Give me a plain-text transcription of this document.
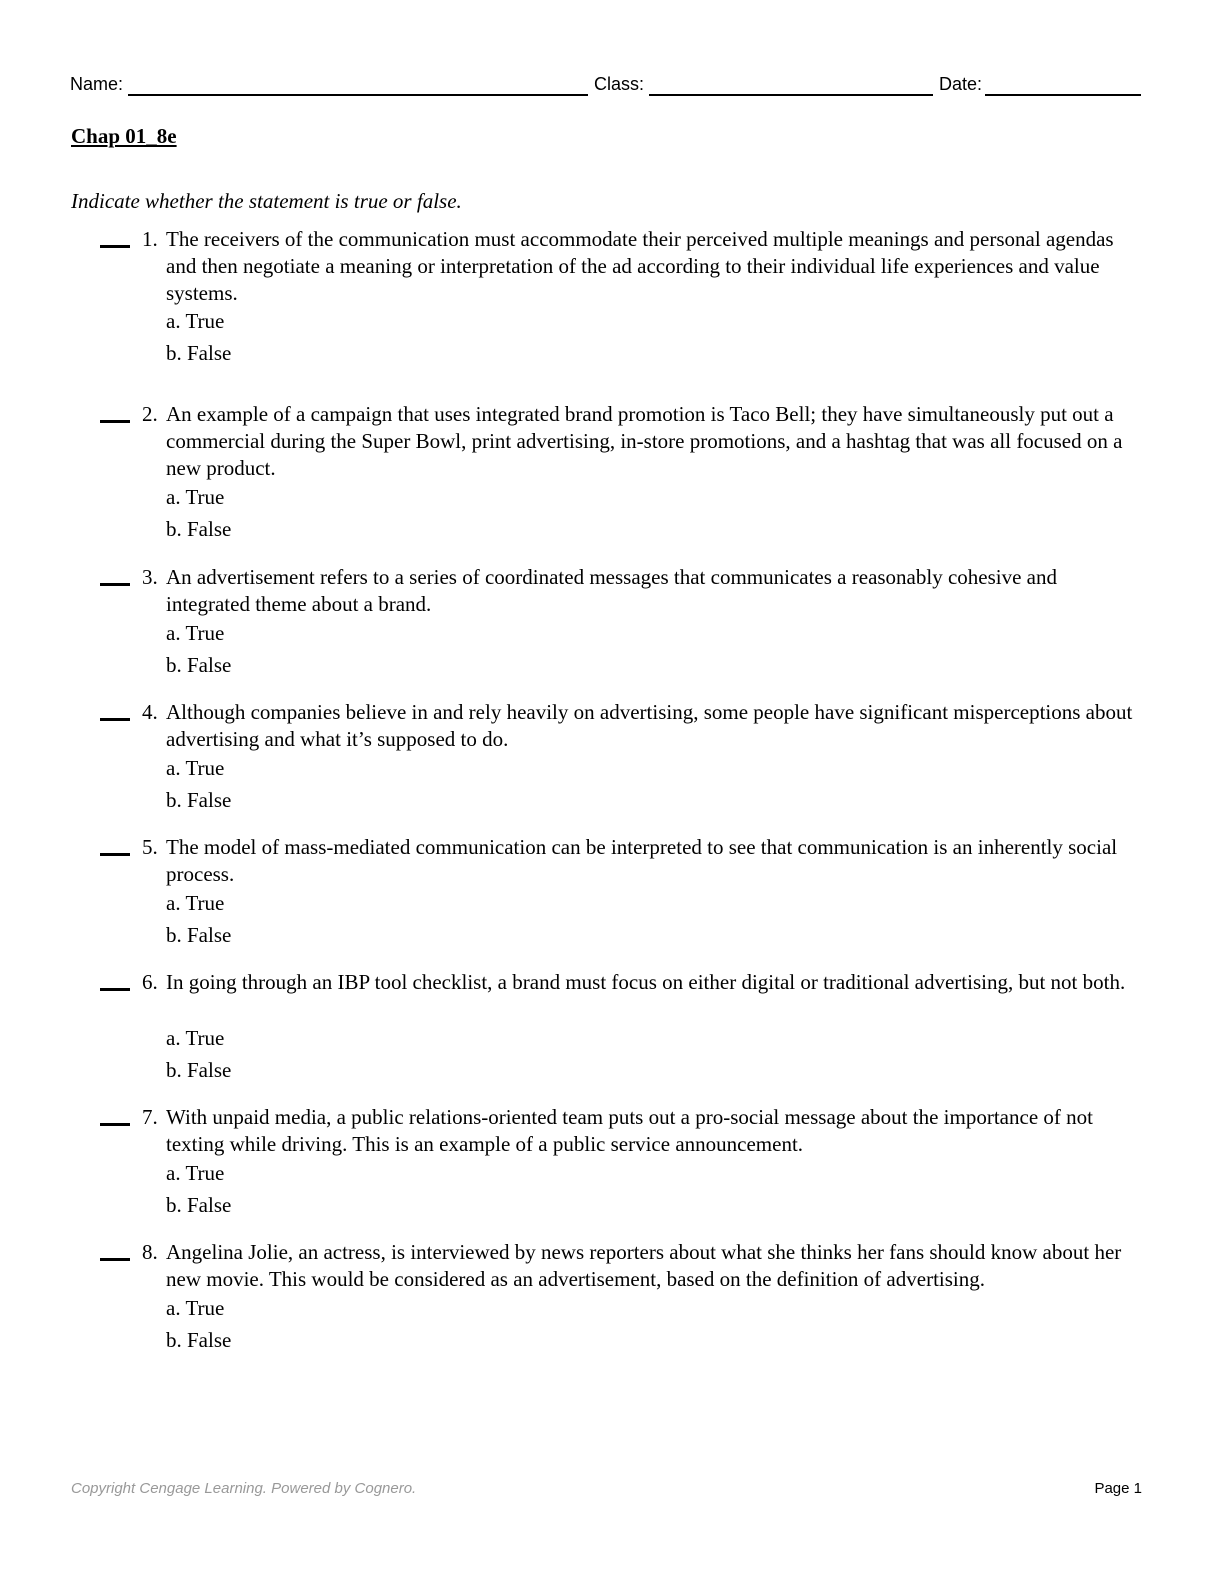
Name:	Class:	Date:
Chap 01_8e
Indicate whether the statement is true or false.
1. The receivers of the communication must accommodate their perceived multiple meanings and personal agendas and then negotiate a meaning or interpretation of the ad according to their individual life experiences and value systems.
a. True
b. False
2. An example of a campaign that uses integrated brand promotion is Taco Bell; they have simultaneously put out a commercial during the Super Bowl, print advertising, in-store promotions, and a hashtag that was all focused on a new product.
a. True
b. False
3. An advertisement refers to a series of coordinated messages that communicates a reasonably cohesive and integrated theme about a brand.
a. True
b. False
4. Although companies believe in and rely heavily on advertising, some people have significant misperceptions about advertising and what it’s supposed to do.
a. True
b. False
5. The model of mass-mediated communication can be interpreted to see that communication is an inherently social process.
a. True
b. False
6. In going through an IBP tool checklist, a brand must focus on either digital or traditional advertising, but not both.
a. True
b. False
7. With unpaid media, a public relations-oriented team puts out a pro-social message about the importance of not texting while driving. This is an example of a public service announcement.
a. True
b. False
8. Angelina Jolie, an actress, is interviewed by news reporters about what she thinks her fans should know about her new movie. This would be considered as an advertisement, based on the definition of advertising.
a. True
b. False
Copyright Cengage Learning. Powered by Cognero.	Page 1
